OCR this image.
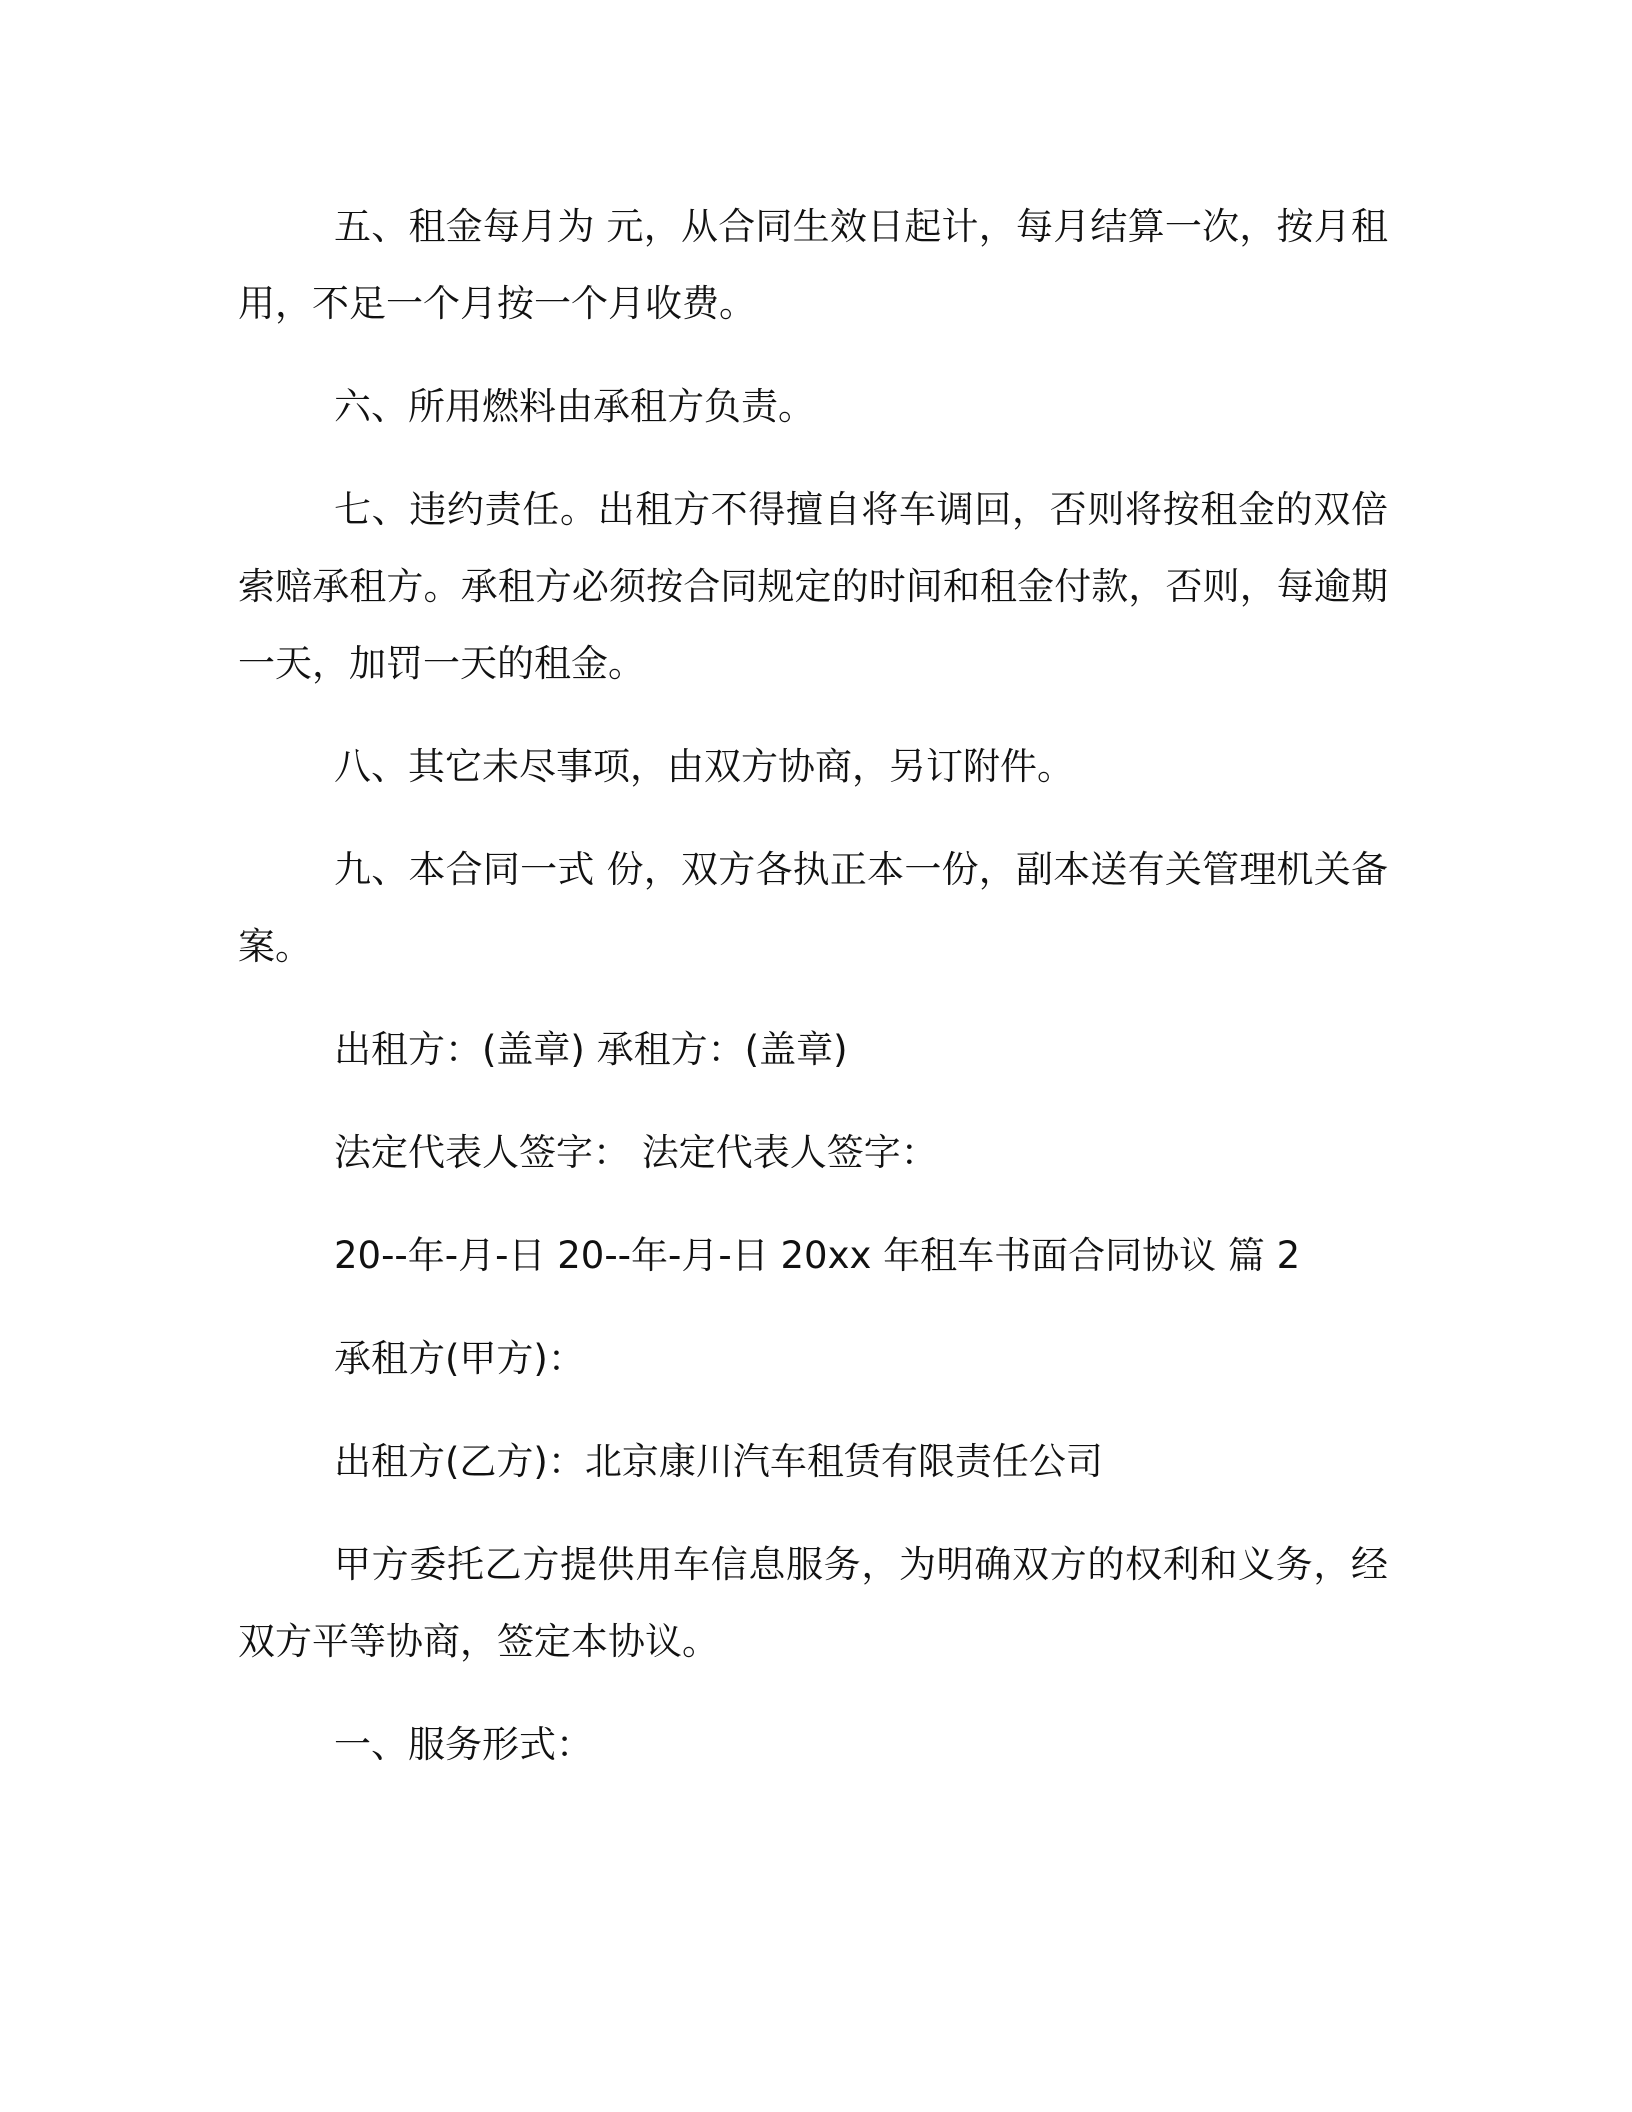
五、租金每月为 元，从合同生效日起计，每月结算一次，按月租用，不足一个月按一个月收费。

六、所用燃料由承租方负责。

七、违约责任。出租方不得擅自将车调回，否则将按租金的双倍索赔承租方。承租方必须按合同规定的时间和租金付款，否则，每逾期一天，加罚一天的租金。

八、其它未尽事项，由双方协商，另订附件。

九、本合同一式 份，双方各执正本一份，副本送有关管理机关备案。

出租方：(盖章) 承租方：(盖章)

法定代表人签字： 法定代表人签字：

20--年-月-日 20--年-月-日 20xx 年租车书面合同协议 篇 2

承租方(甲方)：

出租方(乙方)：北京康川汽车租赁有限责任公司

甲方委托乙方提供用车信息服务，为明确双方的权利和义务，经双方平等协商，签定本协议。

一、服务形式：
